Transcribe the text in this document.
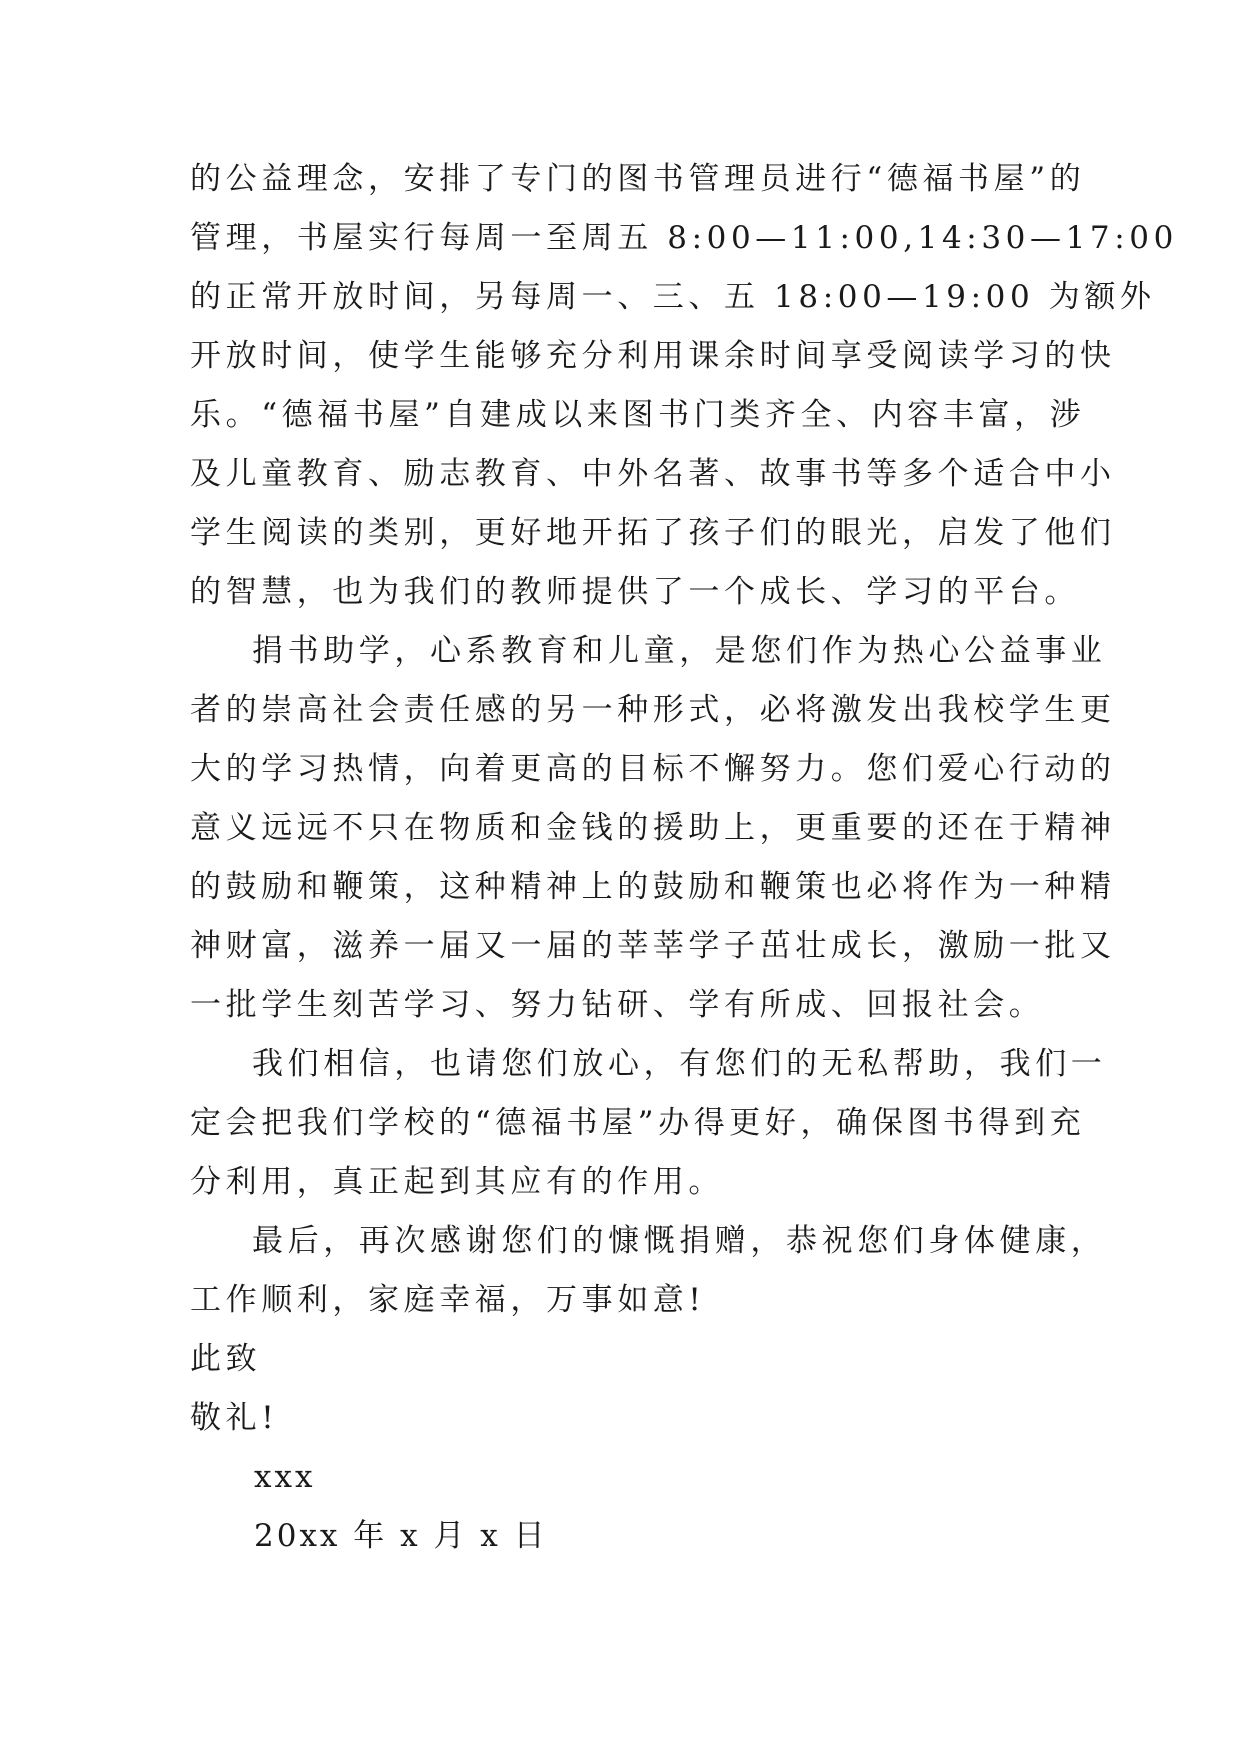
的公益理念，安排了专门的图书管理员进行“德福书屋”的
管理，书屋实行每周一至周五 8:00—11:00,14:30—17:00
的正常开放时间，另每周一、三、五 18:00—19:00 为额外
开放时间，使学生能够充分利用课余时间享受阅读学习的快
乐。“德福书屋”自建成以来图书门类齐全、内容丰富，涉
及儿童教育、励志教育、中外名著、故事书等多个适合中小
学生阅读的类别，更好地开拓了孩子们的眼光，启发了他们
的智慧，也为我们的教师提供了一个成长、学习的平台。
捐书助学，心系教育和儿童，是您们作为热心公益事业
者的崇高社会责任感的另一种形式，必将激发出我校学生更
大的学习热情，向着更高的目标不懈努力。您们爱心行动的
意义远远不只在物质和金钱的援助上，更重要的还在于精神
的鼓励和鞭策，这种精神上的鼓励和鞭策也必将作为一种精
神财富，滋养一届又一届的莘莘学子茁壮成长，激励一批又
一批学生刻苦学习、努力钻研、学有所成、回报社会。
我们相信，也请您们放心，有您们的无私帮助，我们一
定会把我们学校的“德福书屋”办得更好，确保图书得到充
分利用，真正起到其应有的作用。
最后，再次感谢您们的慷慨捐赠，恭祝您们身体健康，
工作顺利，家庭幸福，万事如意!

此致

敬礼!

xxx

20xx 年 x 月 x 日
